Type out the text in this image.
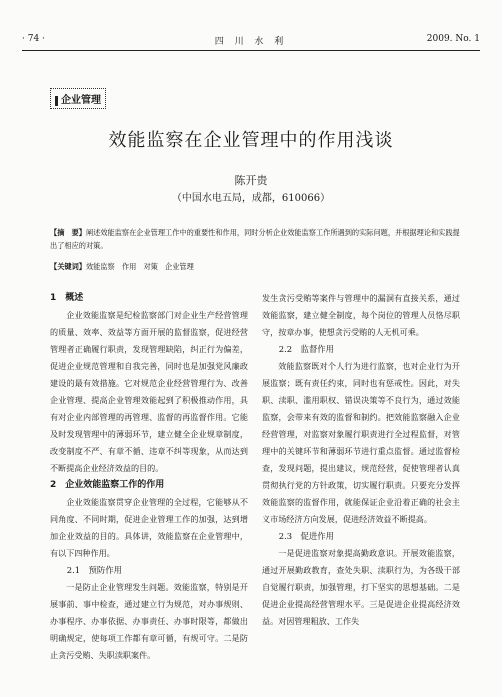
· 74 ·	四 川 水 利	2009. No. 1
企业管理
效能监察在企业管理中的作用浅谈
陈开贵
（中国水电五局，成都，610066）
【摘　要】阐述效能监察在企业管理工作中的重要性和作用，同时分析企业效能监察工作所遇到的实际问题，并根据理论和实践提出了相应的对策。
【关键词】效能监察　作用　对策　企业管理
1　概述

企业效能监察是纪检监察部门对企业生产经营管理的质量、效率、效益等方面开展的监督监察，促进经营管理者正确履行职责，发现管理缺陷，纠正行为偏差，促进企业规范管理和自我完善，同时也是加强党风廉政建设的最有效措施。它对规范企业经营管理行为、改善企业管理、提高企业管理效能起到了积极推动作用，具有对企业内部管理的再管理、监督的再监督作用。它能及时发现管理中的薄弱环节，建立健全企业规章制度，改变制度不严、有章不循、违章不纠等现象，从而达到不断提高企业经济效益的目的。

2　企业效能监察工作的作用

企业效能监察贯穿企业管理的全过程，它能够从不同角度、不同时期，促进企业管理工作的加强，达到增加企业效益的目的。具体讲，效能监察在企业管理中，有以下四种作用。

2.1　预防作用

一是防止企业管理发生问题。效能监察，特别是开展事前、事中检查，通过建立行为规范，对办事规则、办事程序、办事依据、办事责任、办事时限等，都做出明确规定，使每项工作都有章可循，有规可守。二是防止贪污受贿、失职渎职案件。

发生贪污受贿等案件与管理中的漏洞有直接关系，通过效能监察，建立健全制度，每个岗位的管理人员恪尽职守，按章办事，使想贪污受贿的人无机可乘。

2.2　监督作用

效能监察既对个人行为进行监察，也对企业行为开展监察；既有责任约束，同时也有惩戒性。因此，对失职、渎职、滥用职权、错误决策等不良行为，通过效能监察，会带来有效的监督和制约。把效能监察融入企业经营管理，对监察对象履行职责进行全过程监督，对管理中的关键环节和薄弱环节进行重点监督。通过监督检查，发现问题，提出建议，规范经营，促使管理者认真贯彻执行党的方针政策，切实履行职责。只要充分发挥效能监察的监督作用，就能保证企业沿着正确的社会主义市场经济方向发展，促进经济效益不断提高。

2.3　促进作用

一是促进监察对象提高勤政意识。开展效能监察，通过开展勤政教育，查处失职、渎职行为，为各级干部自觉履行职责，加强管理，打下坚实的思想基础。二是促进企业提高经营管理水平。三是促进企业提高经济效益。对因管理粗放、工作失
